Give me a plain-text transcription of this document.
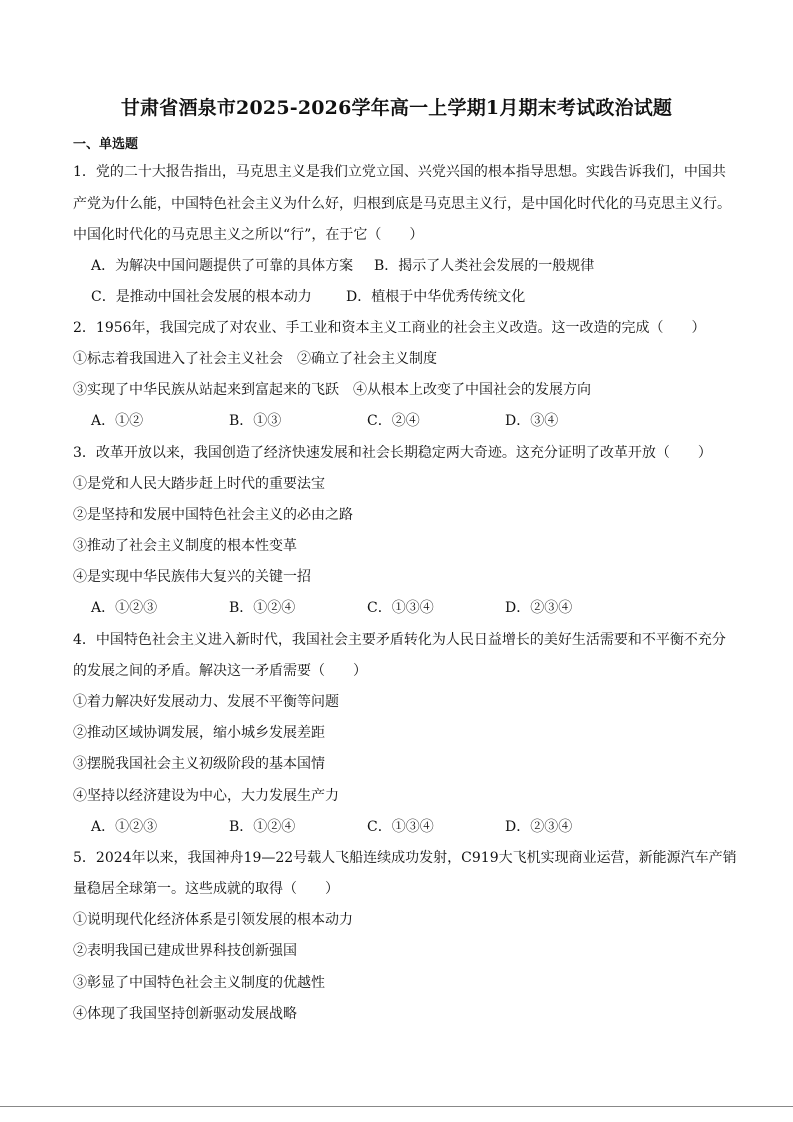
甘肃省酒泉市2025-2026学年高一上学期1月期末考试政治试题
一、单选题
1．党的二十大报告指出，马克思主义是我们立党立国、兴党兴国的根本指导思想。实践告诉我们，中国共
产党为什么能，中国特色社会主义为什么好，归根到底是马克思主义行，是中国化时代化的马克思主义行。
中国化时代化的马克思主义之所以“行”，在于它（　　）
A．为解决中国问题提供了可靠的具体方案 B．揭示了人类社会发展的一般规律
C．是推动中国社会发展的根本动力 D．植根于中华优秀传统文化
2．1956年，我国完成了对农业、手工业和资本主义工商业的社会主义改造。这一改造的完成（　　）
①标志着我国进入了社会主义社会　②确立了社会主义制度
③实现了中华民族从站起来到富起来的飞跃　④从根本上改变了中国社会的发展方向
A．①②	B．①③	C．②④	D．③④
3．改革开放以来，我国创造了经济快速发展和社会长期稳定两大奇迹。这充分证明了改革开放（　　）
①是党和人民大踏步赶上时代的重要法宝
②是坚持和发展中国特色社会主义的必由之路
③推动了社会主义制度的根本性变革
④是实现中华民族伟大复兴的关键一招
A．①②③	B．①②④	C．①③④	D．②③④
4．中国特色社会主义进入新时代，我国社会主要矛盾转化为人民日益增长的美好生活需要和不平衡不充分
的发展之间的矛盾。解决这一矛盾需要（　　）
①着力解决好发展动力、发展不平衡等问题
②推动区域协调发展，缩小城乡发展差距
③摆脱我国社会主义初级阶段的基本国情
④坚持以经济建设为中心，大力发展生产力
A．①②③	B．①②④	C．①③④	D．②③④
5．2024年以来，我国神舟19—22号载人飞船连续成功发射，C919大飞机实现商业运营，新能源汽车产销
量稳居全球第一。这些成就的取得（　　）
①说明现代化经济体系是引领发展的根本动力
②表明我国已建成世界科技创新强国
③彰显了中国特色社会主义制度的优越性
④体现了我国坚持创新驱动发展战略
